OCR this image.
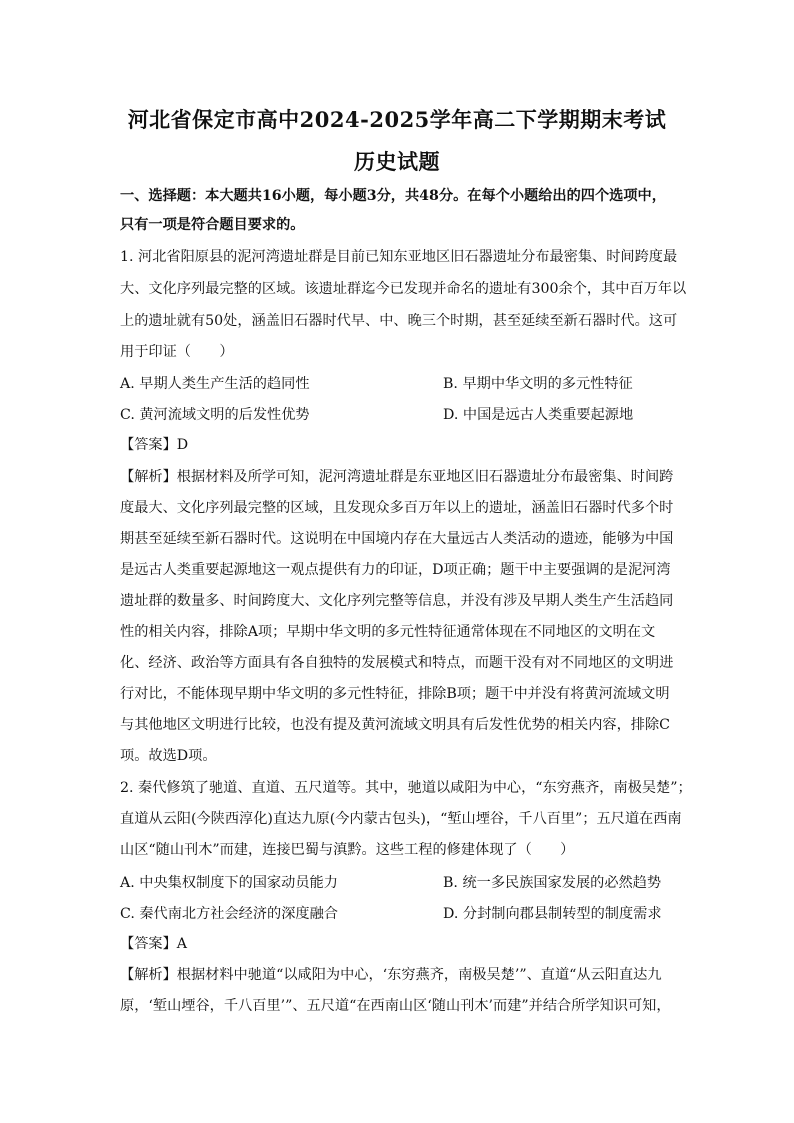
河北省保定市高中2024-2025学年高二下学期期末考试
历史试题
一、选择题：本大题共16小题，每小题3分，共48分。在每个小题给出的四个选项中，
只有一项是符合题目要求的。
1. 河北省阳原县的泥河湾遗址群是目前已知东亚地区旧石器遗址分布最密集、时间跨度最
大、文化序列最完整的区域。该遗址群迄今已发现并命名的遗址有300余个，其中百万年以
上的遗址就有50处，涵盖旧石器时代早、中、晚三个时期，甚至延续至新石器时代。这可
用于印证（　　）
A. 早期人类生产生活的趋同性	B. 早期中华文明的多元性特征
C. 黄河流域文明的后发性优势	D. 中国是远古人类重要起源地
【答案】D
【解析】根据材料及所学可知，泥河湾遗址群是东亚地区旧石器遗址分布最密集、时间跨
度最大、文化序列最完整的区域，且发现众多百万年以上的遗址，涵盖旧石器时代多个时
期甚至延续至新石器时代。这说明在中国境内存在大量远古人类活动的遗迹，能够为中国
是远古人类重要起源地这一观点提供有力的印证，D项正确；题干中主要强调的是泥河湾
遗址群的数量多、时间跨度大、文化序列完整等信息，并没有涉及早期人类生产生活趋同
性的相关内容，排除A项；早期中华文明的多元性特征通常体现在不同地区的文明在文
化、经济、政治等方面具有各自独特的发展模式和特点，而题干没有对不同地区的文明进
行对比，不能体现早期中华文明的多元性特征，排除B项；题干中并没有将黄河流域文明
与其他地区文明进行比较，也没有提及黄河流域文明具有后发性优势的相关内容，排除C
项。故选D项。
2. 秦代修筑了驰道、直道、五尺道等。其中，驰道以咸阳为中心，“东穷燕齐，南极吴楚”；
直道从云阳(今陕西淳化)直达九原(今内蒙古包头)，“堑山堙谷，千八百里”；五尺道在西南
山区“随山刊木”而建，连接巴蜀与滇黔。这些工程的修建体现了（　　）
A. 中央集权制度下的国家动员能力	B. 统一多民族国家发展的必然趋势
C. 秦代南北方社会经济的深度融合	D. 分封制向郡县制转型的制度需求
【答案】A
【解析】根据材料中驰道“以咸阳为中心，‘东穷燕齐，南极吴楚’”、直道“从云阳直达九
原，‘堑山堙谷，千八百里’”、五尺道“在西南山区‘随山刊木’而建”并结合所学知识可知，
